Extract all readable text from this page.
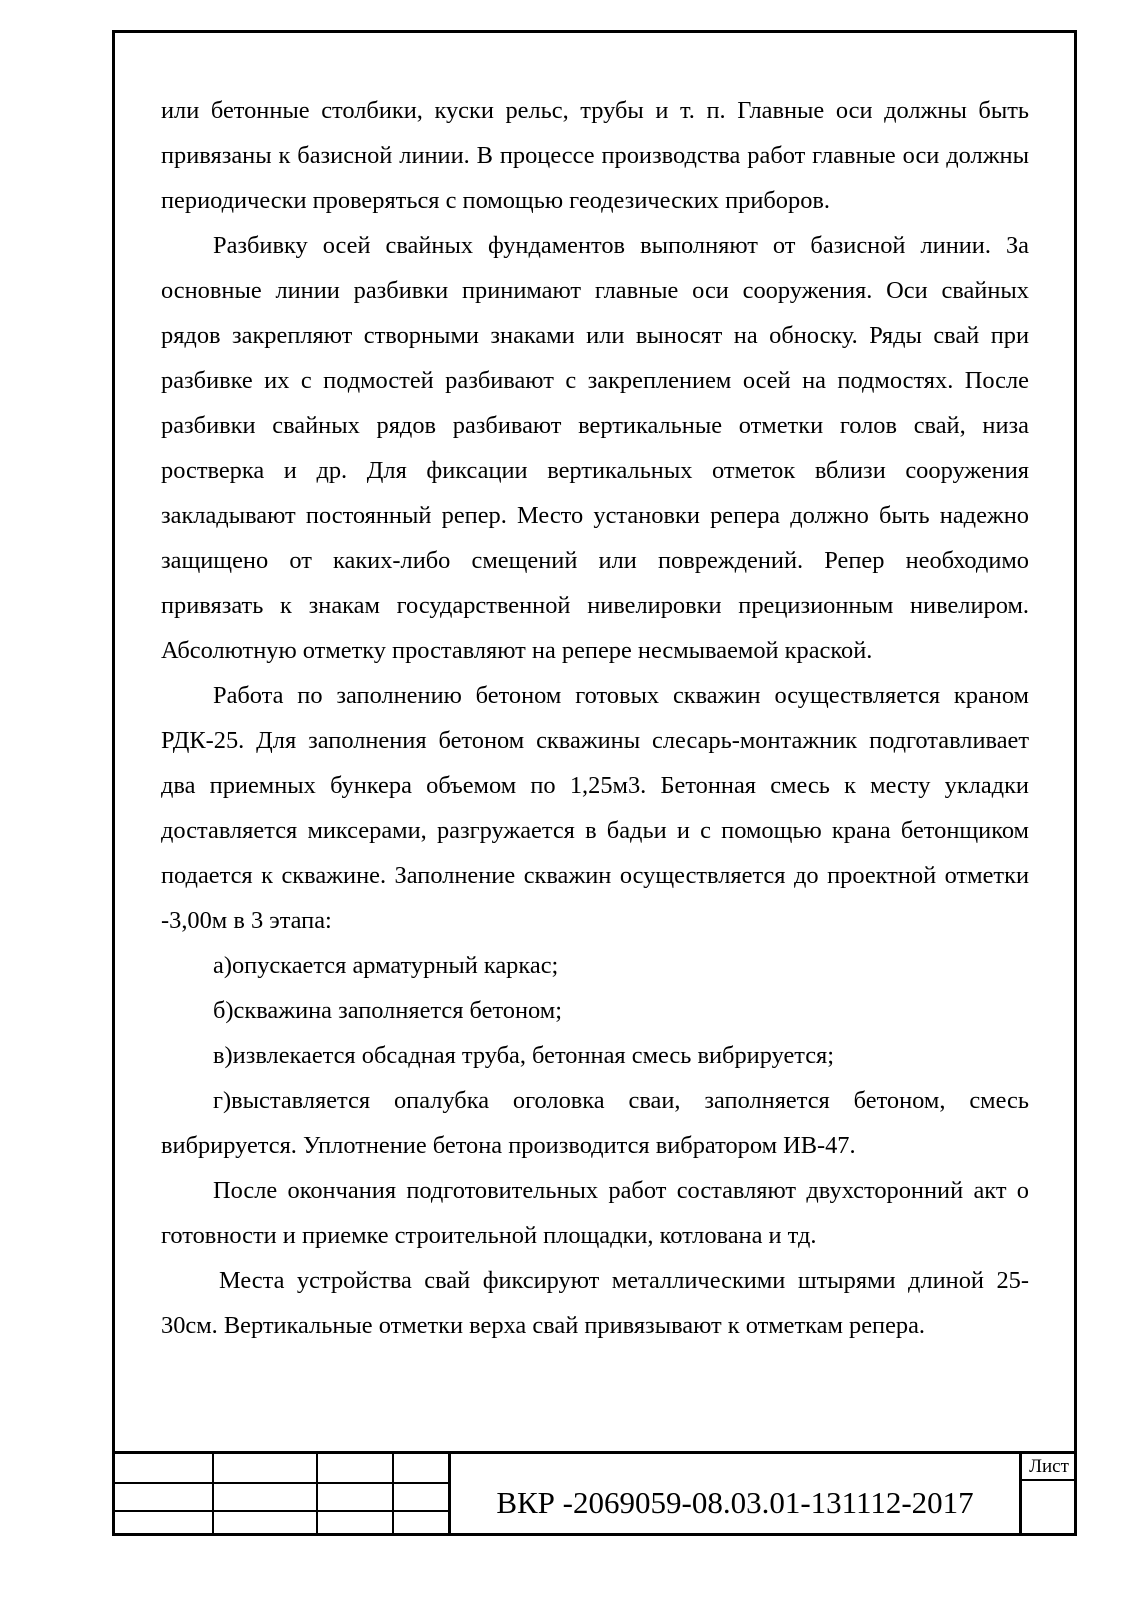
или бетонные столбики, куски рельс, трубы и т. п. Главные оси должны быть привязаны к базисной линии. В процессе производства работ главные оси должны периодически проверяться с помощью геодезических приборов.

Разбивку осей свайных фундаментов выполняют от базисной линии. За основные линии разбивки принимают главные оси сооружения. Оси свайных рядов закрепляют створными знаками или выносят на обноску. Ряды свай при разбивке их с подмостей разбивают с закреплением осей на подмостях. После разбивки свайных рядов разбивают вертикальные отметки голов свай, низа ростверка и др. Для фиксации вертикальных отметок вблизи сооружения закладывают постоянный репер. Место установки репера должно быть надежно защищено от каких-либо смещений или повреждений. Репер необходимо привязать к знакам государственной нивелировки прецизионным нивелиром. Абсолютную отметку проставляют на репере несмываемой краской.

Работа по заполнению бетоном готовых скважин осуществляется краном РДК-25. Для заполнения бетоном скважины слесарь-монтажник подготавливает два приемных бункера объемом по 1,25м3. Бетонная смесь к месту укладки доставляется миксерами, разгружается в бадьи и с помощью крана бетонщиком подается к скважине. Заполнение скважин осуществляется до проектной отметки -3,00м в 3 этапа:

а)опускается арматурный каркас;

б)скважина заполняется бетоном;

в)извлекается обсадная труба, бетонная смесь вибрируется;

г)выставляется опалубка оголовка сваи, заполняется бетоном, смесь вибрируется. Уплотнение бетона производится вибратором ИВ-47.

После окончания подготовительных работ составляют двухсторонний акт о готовности и приемке строительной площадки, котлована и тд.

Места устройства свай фиксируют металлическими штырями длиной 25-30см. Вертикальные отметки верха свай привязывают к отметкам репера.

Лист
ВКР -2069059-08.03.01-131112-2017
